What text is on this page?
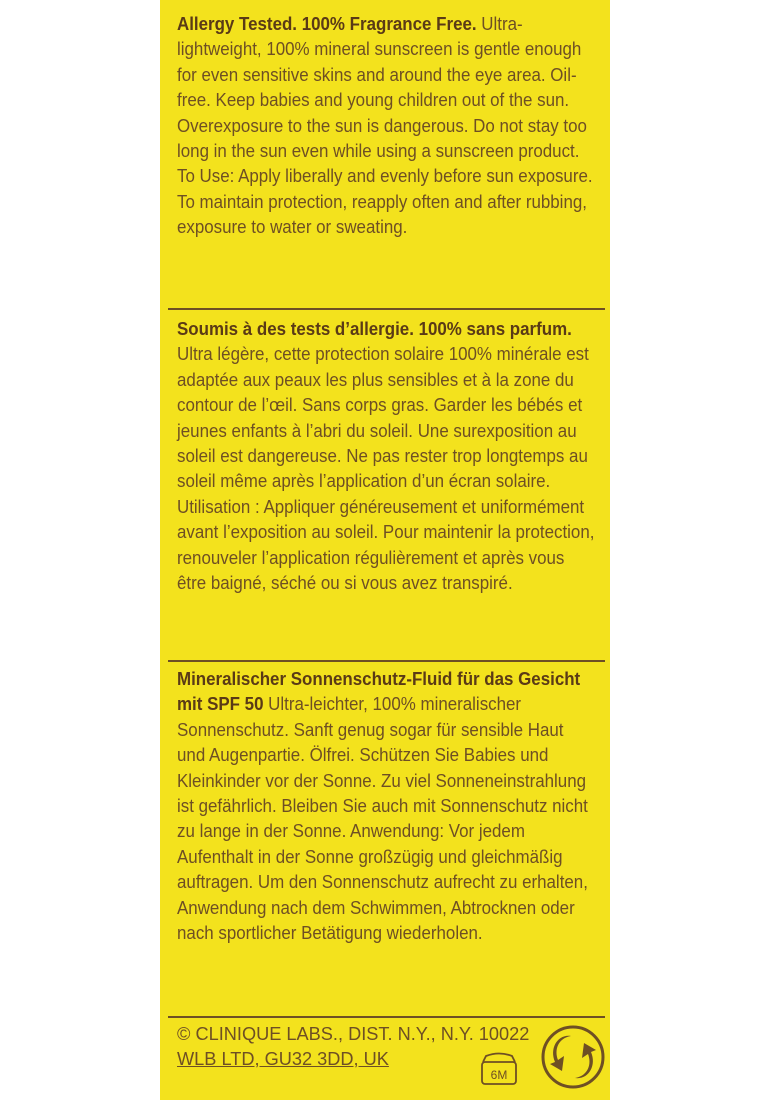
Allergy Tested. 100% Fragrance Free. Ultra-lightweight, 100% mineral sunscreen is gentle enough for even sensitive skins and around the eye area. Oil-free. Keep babies and young children out of the sun. Overexposure to the sun is dangerous. Do not stay too long in the sun even while using a sunscreen product. To Use: Apply liberally and evenly before sun exposure. To maintain protection, reapply often and after rubbing, exposure to water or sweating.
Soumis à des tests d’allergie. 100% sans parfum. Ultra légère, cette protection solaire 100% minérale est adaptée aux peaux les plus sensibles et à la zone du contour de l’œil. Sans corps gras. Garder les bébés et jeunes enfants à l’abri du soleil. Une surexposition au soleil est dangereuse. Ne pas rester trop longtemps au soleil même après l’application d’un écran solaire. Utilisation : Appliquer généreusement et uniformément avant l’exposition au soleil. Pour maintenir la protection, renouveler l’application régulièrement et après vous être baigné, séché ou si vous avez transpiré.
Mineralischer Sonnenschutz-Fluid für das Gesicht mit SPF 50 Ultra-leichter, 100% mineralischer Sonnenschutz. Sanft genug sogar für sensible Haut und Augenpartie. Ölfrei. Schützen Sie Babies und Kleinkinder vor der Sonne. Zu viel Sonneneinstrahlung ist gefährlich. Bleiben Sie auch mit Sonnenschutz nicht zu lange in der Sonne. Anwendung: Vor jedem Aufenthalt in der Sonne großzügig und gleichmäßig auftragen. Um den Sonnenschutz aufrecht zu erhalten, Anwendung nach dem Schwimmen, Abtrocknen oder nach sportlicher Betätigung wiederholen.
© CLINIQUE LABS., DIST. N.Y., N.Y. 10022
WLB LTD, GU32 3DD, UK
6M
